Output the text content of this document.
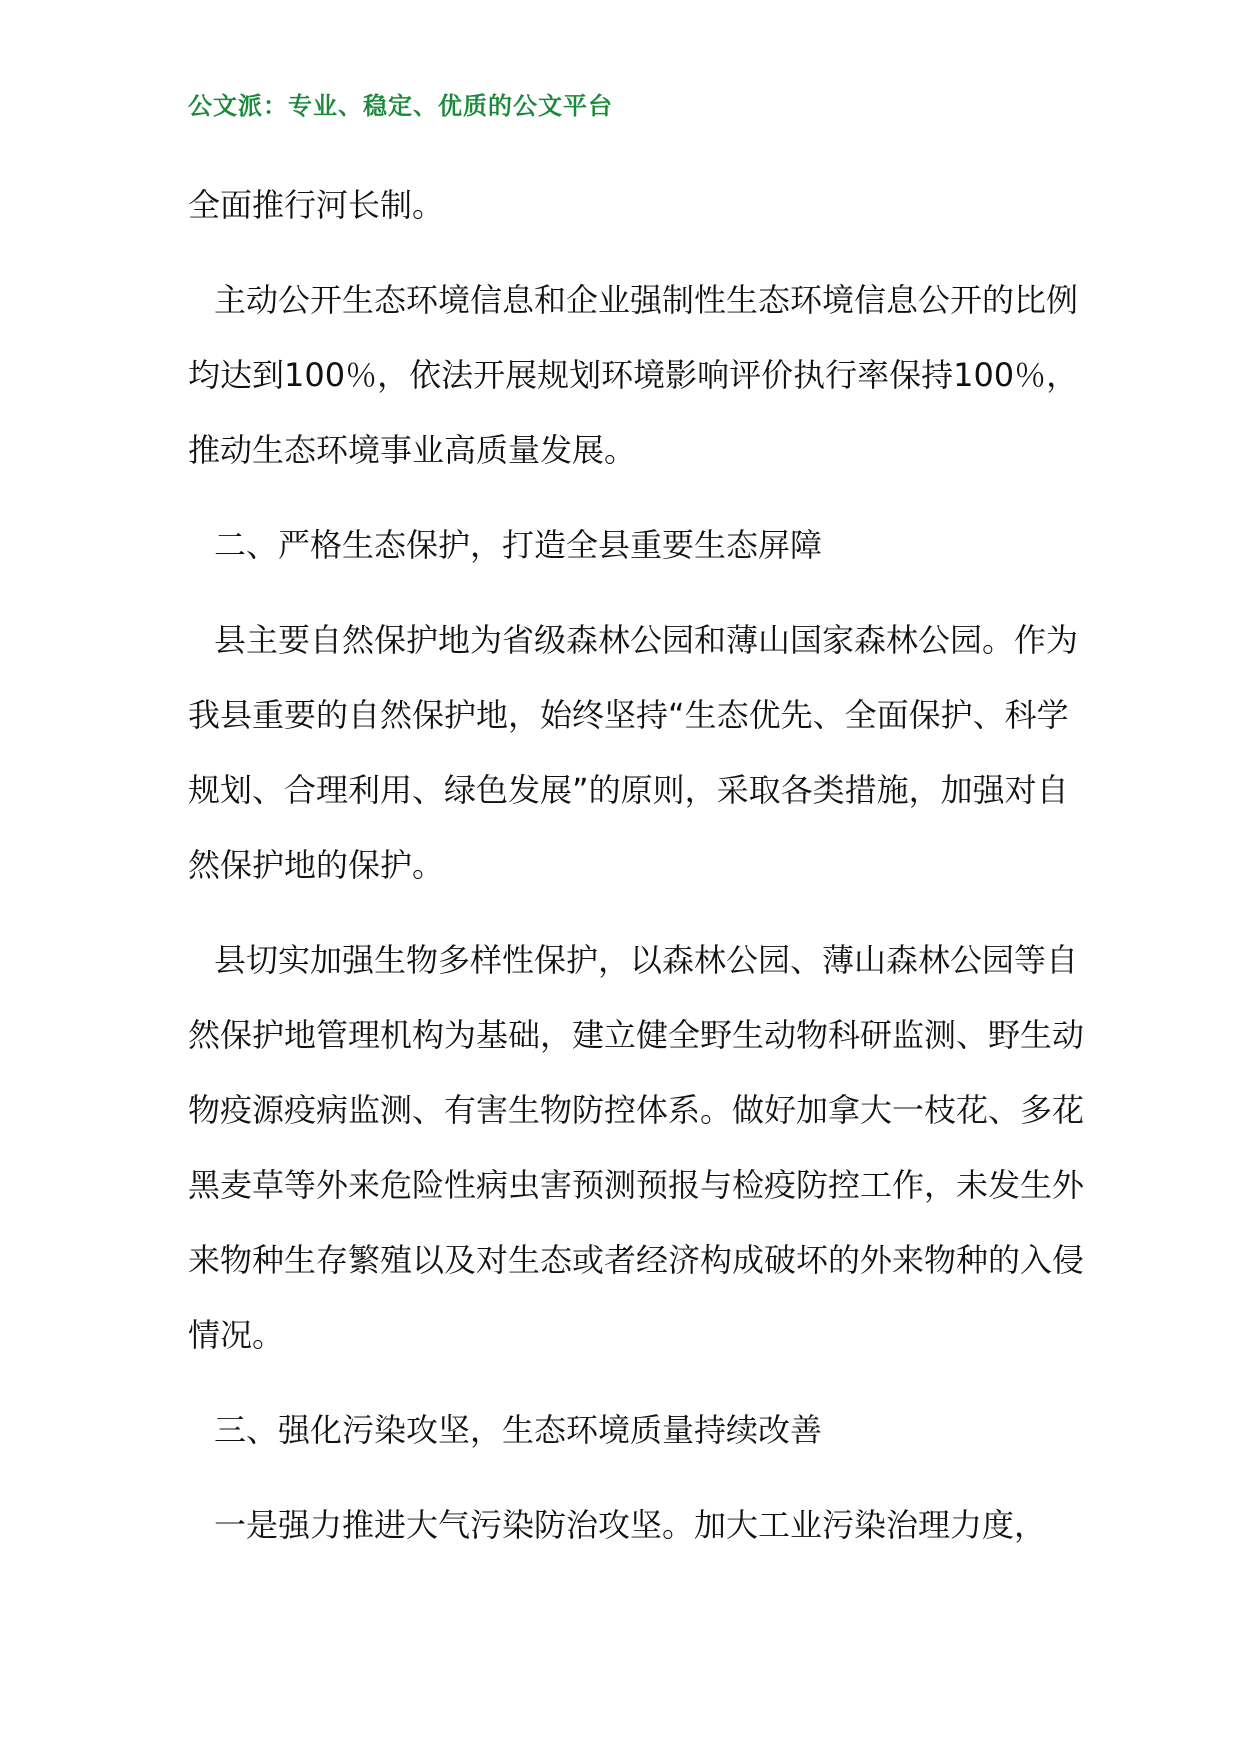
公文派：专业、稳定、优质的公文平台

全面推行河长制。

主动公开生态环境信息和企业强制性生态环境信息公开的比例均达到100％，依法开展规划环境影响评价执行率保持100％，推动生态环境事业高质量发展。

二、严格生态保护，打造全县重要生态屏障

县主要自然保护地为省级森林公园和薄山国家森林公园。作为我县重要的自然保护地，始终坚持“生态优先、全面保护、科学规划、合理利用、绿色发展”的原则，采取各类措施，加强对自然保护地的保护。

县切实加强生物多样性保护，以森林公园、薄山森林公园等自然保护地管理机构为基础，建立健全野生动物科研监测、野生动物疫源疫病监测、有害生物防控体系。做好加拿大一枝花、多花黑麦草等外来危险性病虫害预测预报与检疫防控工作，未发生外来物种生存繁殖以及对生态或者经济构成破坏的外来物种的入侵情况。

三、强化污染攻坚，生态环境质量持续改善

一是强力推进大气污染防治攻坚。加大工业污染治理力度，
